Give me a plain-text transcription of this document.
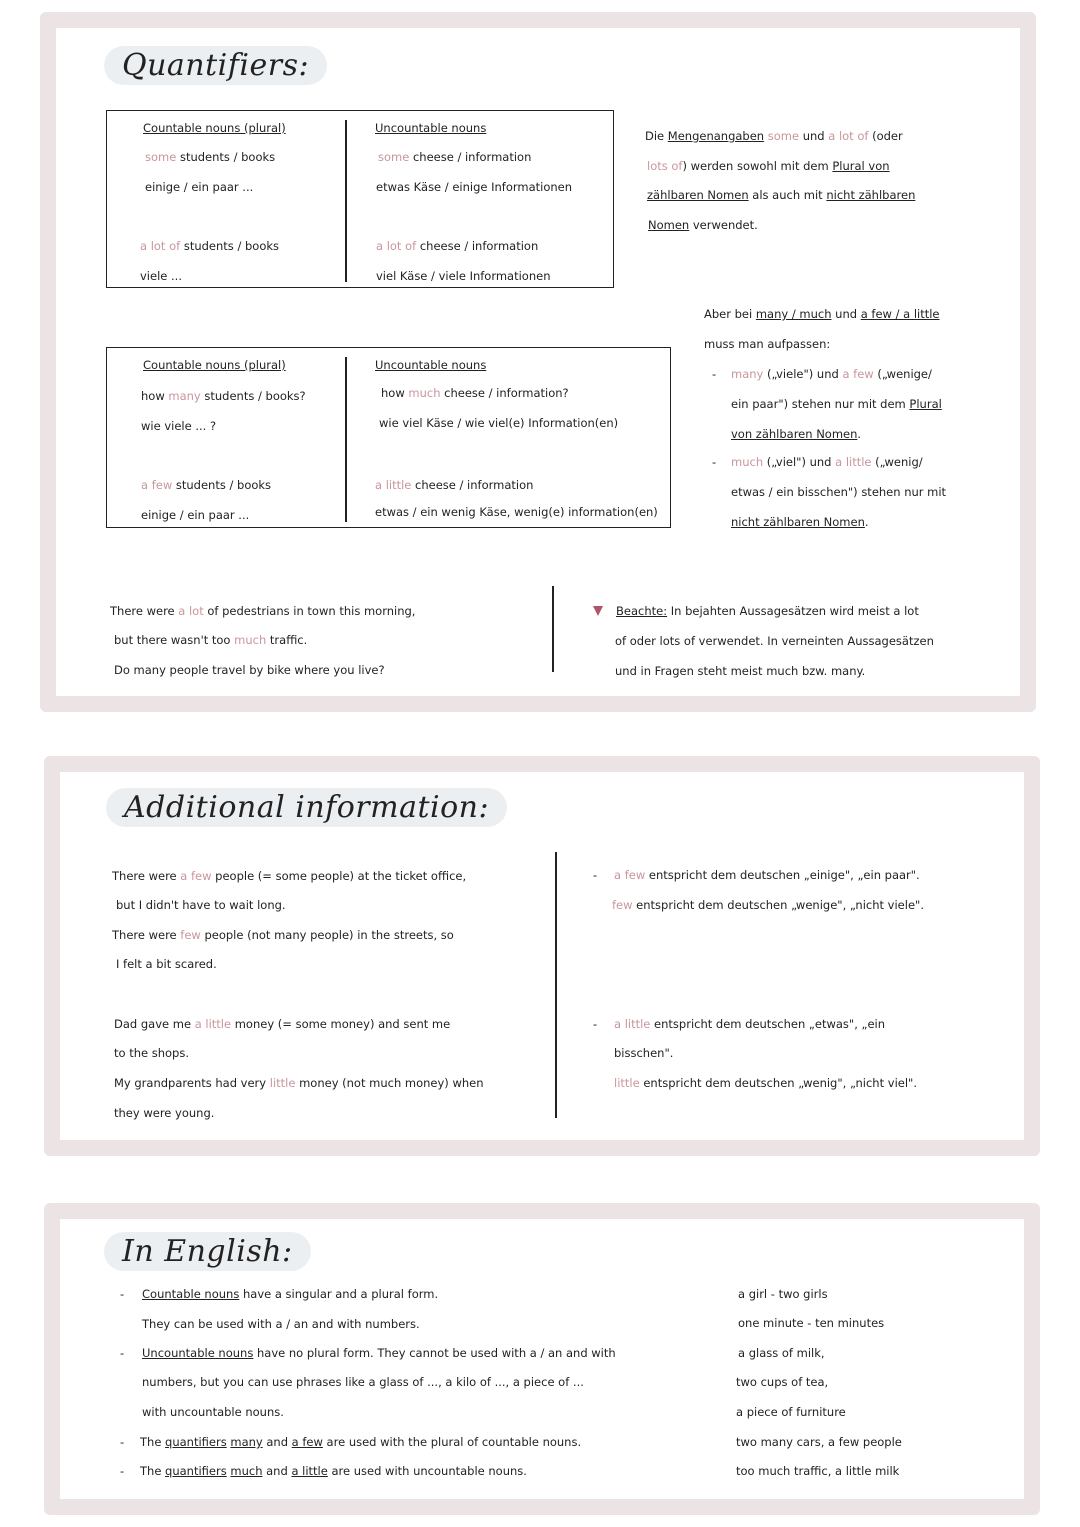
Quantifiers:
Countable nouns (plural)
some students / books
einige / ein paar ...
a lot of students / books
viele ...
Uncountable nouns
some cheese / information
etwas Käse / einige Informationen
a lot of cheese / information
viel Käse / viele Informationen
Countable nouns (plural)
how many students / books?
wie viele ... ?
a few students / books
einige / ein paar ...
Uncountable nouns
how much cheese / information?
wie viel Käse / wie viel(e) Information(en)
a little cheese / information
etwas / ein wenig Käse, wenig(e) information(en)
Die Mengenangaben some und a lot of (oder
lots of) werden sowohl mit dem Plural von
zählbaren Nomen als auch mit nicht zählbaren
Nomen verwendet.
Aber bei many / much und a few / a little
muss man aufpassen:
- many („viele") und a few („wenige/
ein paar") stehen nur mit dem Plural
von zählbaren Nomen.
- much („viel") und a little („wenig/
etwas / ein bisschen") stehen nur mit
nicht zählbaren Nomen.
There were a lot of pedestrians in town this morning,
but there wasn't too much traffic.
Do many people travel by bike where you live?
Beachte: In bejahten Aussagesätzen wird meist a lot
of oder lots of verwendet. In verneinten Aussagesätzen
und in Fragen steht meist much bzw. many.
Additional information:
There were a few people (= some people) at the ticket office,
but I didn't have to wait long.
There were few people (not many people) in the streets, so
I felt a bit scared.
Dad gave me a little money (= some money) and sent me
to the shops.
My grandparents had very little money (not much money) when
they were young.
- a few entspricht dem deutschen „einige", „ein paar".
few entspricht dem deutschen „wenige", „nicht viele".
- a little entspricht dem deutschen „etwas", „ein
bisschen".
little entspricht dem deutschen „wenig", „nicht viel".
In English:
- Countable nouns have a singular and a plural form.
They can be used with a / an and with numbers.
- Uncountable nouns have no plural form. They cannot be used with a / an and with
numbers, but you can use phrases like a glass of ..., a kilo of ..., a piece of ...
with uncountable nouns.
- The quantifiers many and a few are used with the plural of countable nouns.
- The quantifiers much and a little are used with uncountable nouns.
a girl - two girls
one minute - ten minutes
a glass of milk,
two cups of tea,
a piece of furniture
two many cars, a few people
too much traffic, a little milk
